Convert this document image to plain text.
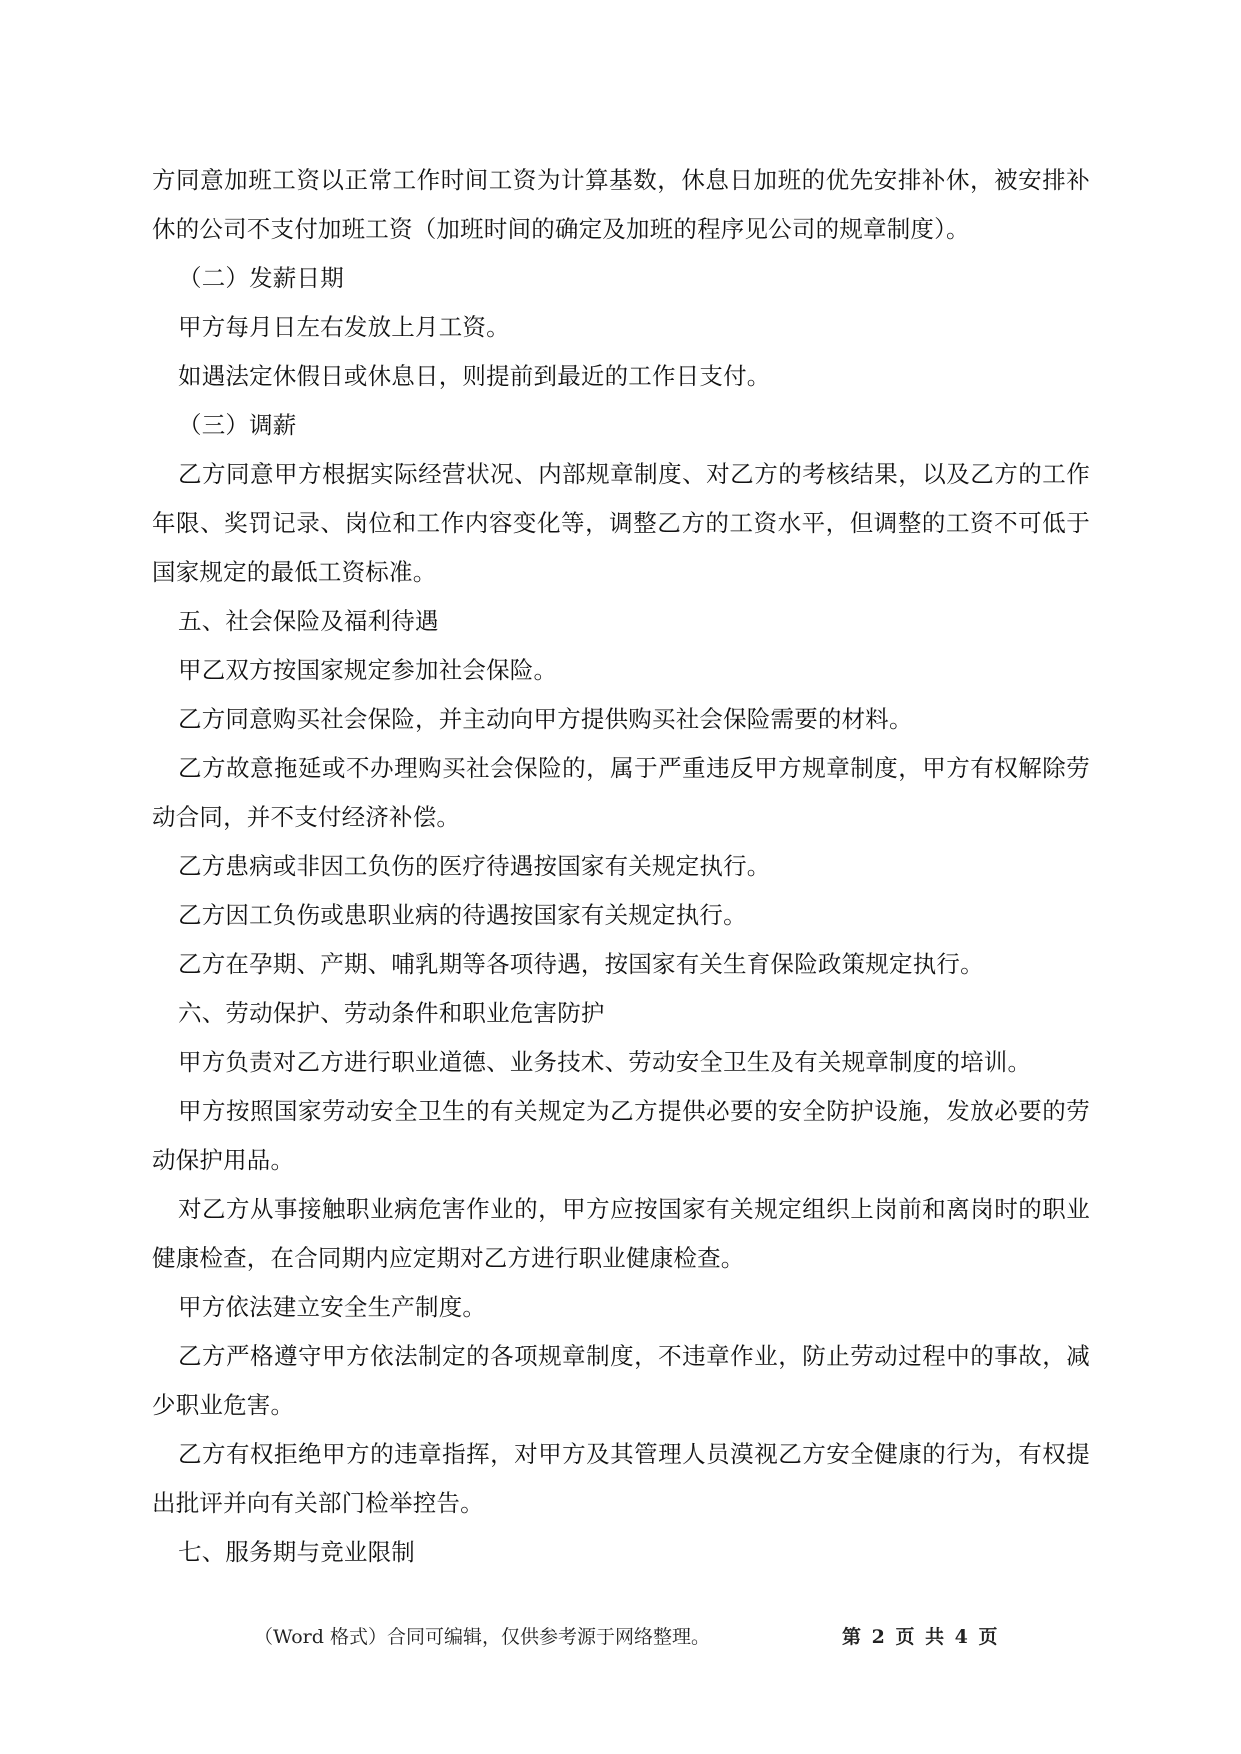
方同意加班工资以正常工作时间工资为计算基数，休息日加班的优先安排补休，被安排补休的公司不支付加班工资（加班时间的确定及加班的程序见公司的规章制度）。

（二）发薪日期

甲方每月日左右发放上月工资。

如遇法定休假日或休息日，则提前到最近的工作日支付。

（三）调薪

乙方同意甲方根据实际经营状况、内部规章制度、对乙方的考核结果，以及乙方的工作年限、奖罚记录、岗位和工作内容变化等，调整乙方的工资水平，但调整的工资不可低于国家规定的最低工资标准。

五、社会保险及福利待遇

甲乙双方按国家规定参加社会保险。

乙方同意购买社会保险，并主动向甲方提供购买社会保险需要的材料。

乙方故意拖延或不办理购买社会保险的，属于严重违反甲方规章制度，甲方有权解除劳动合同，并不支付经济补偿。

乙方患病或非因工负伤的医疗待遇按国家有关规定执行。

乙方因工负伤或患职业病的待遇按国家有关规定执行。

乙方在孕期、产期、哺乳期等各项待遇，按国家有关生育保险政策规定执行。

六、劳动保护、劳动条件和职业危害防护

甲方负责对乙方进行职业道德、业务技术、劳动安全卫生及有关规章制度的培训。

甲方按照国家劳动安全卫生的有关规定为乙方提供必要的安全防护设施，发放必要的劳动保护用品。

对乙方从事接触职业病危害作业的，甲方应按国家有关规定组织上岗前和离岗时的职业健康检查，在合同期内应定期对乙方进行职业健康检查。

甲方依法建立安全生产制度。

乙方严格遵守甲方依法制定的各项规章制度，不违章作业，防止劳动过程中的事故，减少职业危害。

乙方有权拒绝甲方的违章指挥，对甲方及其管理人员漠视乙方安全健康的行为，有权提出批评并向有关部门检举控告。

七、服务期与竞业限制

（Word 格式）合同可编辑，仅供参考源于网络整理。	第 2 页 共 4 页
